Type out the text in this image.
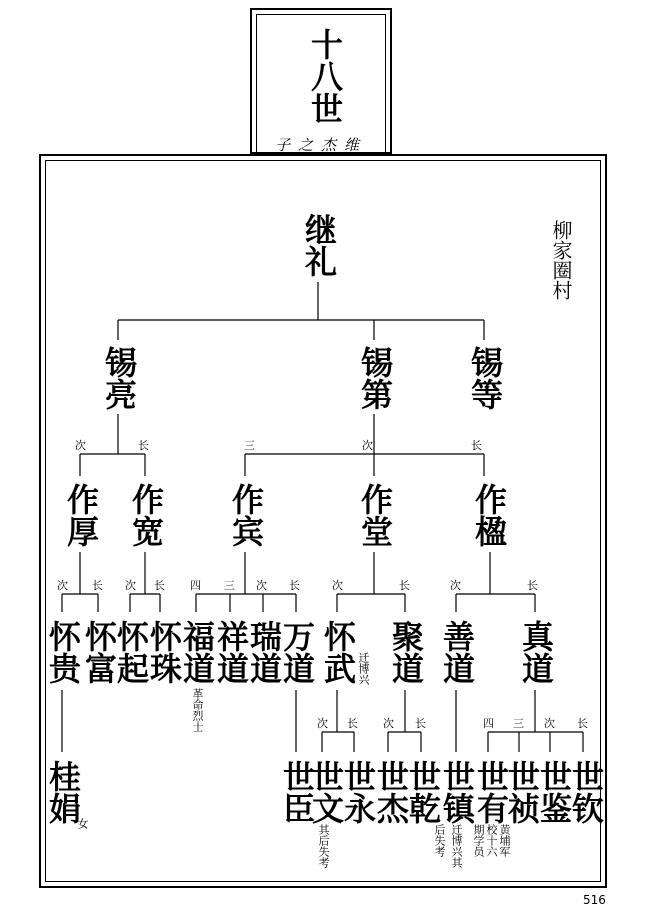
十八世
子之杰维
柳家圈村
继礼
锡亮	锡第 锡等
次	长	三	次	长
作厚 作宽 作宾	作堂 作楹
次 长 次 长 四 三 次 长	次	长	次	长
怀贵
怀富
怀起
怀珠
福道
祥道
瑞道
万道 怀武 聚道 善道 真道
革命烈士
迁博兴
次 长 次 长	四 三 次 长
桂娟	世臣
世文
世永
世杰
世乾
世镇
世有
世祯
世鉴
世钦
女
其后失考	迁博兴其
后失考	黄埔军
校十六
期学员
516
